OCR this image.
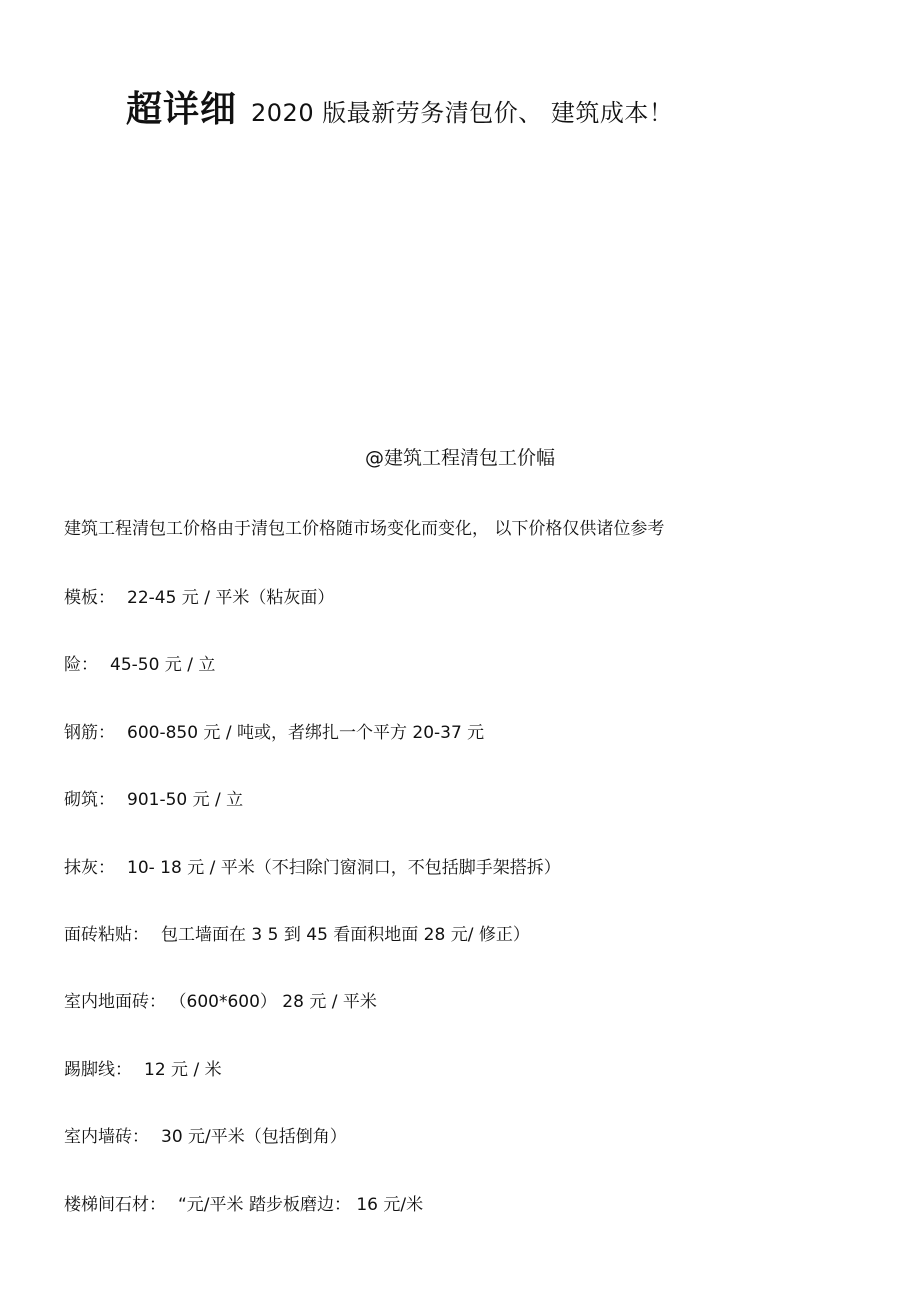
超详细 2020 版最新劳务清包价、 建筑成本！
@建筑工程清包工价幅
建筑工程清包工价格由于清包工价格随市场变化而变化， 以下价格仅供诸位参考
模板： 22-45 元 / 平米（粘灰面）
险： 45-50 元 / 立
钢筋： 600-850 元 / 吨或，者绑扎一个平方 20-37 元
砌筑： 901-50 元 / 立
抹灰： 10- 18 元 / 平米（不扫除门窗洞口，不包括脚手架搭拆）
面砖粘贴： 包工墙面在 3 5 到 45 看面积地面 28 元/ 修正）
室内地面砖： （600*600） 28 元 / 平米
踢脚线： 12 元 / 米
室内墙砖： 30 元/平米（包括倒角）
楼梯间石材： “元/平米 踏步板磨边： 16 元/米
